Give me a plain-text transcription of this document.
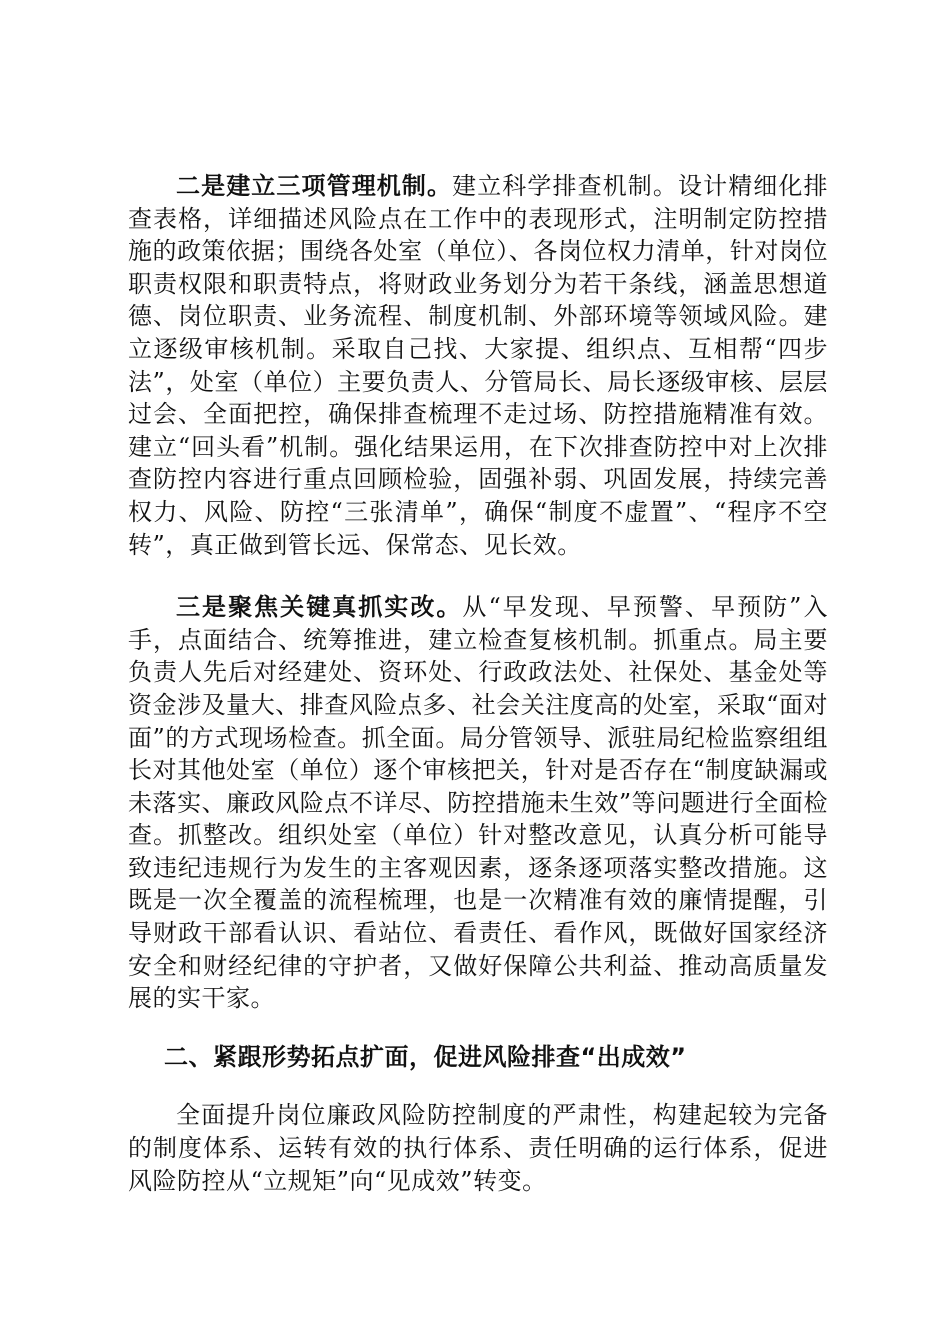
二是建立三项管理机制。建立科学排查机制。设计精细化排查表格，详细描述风险点在工作中的表现形式，注明制定防控措施的政策依据；围绕各处室（单位）、各岗位权力清单，针对岗位职责权限和职责特点，将财政业务划分为若干条线，涵盖思想道德、岗位职责、业务流程、制度机制、外部环境等领域风险。建立逐级审核机制。采取自己找、大家提、组织点、互相帮“四步法”，处室（单位）主要负责人、分管局长、局长逐级审核、层层过会、全面把控，确保排查梳理不走过场、防控措施精准有效。建立“回头看”机制。强化结果运用，在下次排查防控中对上次排查防控内容进行重点回顾检验，固强补弱、巩固发展，持续完善权力、风险、防控“三张清单”，确保“制度不虚置”、“程序不空转”，真正做到管长远、保常态、见长效。

三是聚焦关键真抓实改。从“早发现、早预警、早预防”入手，点面结合、统筹推进，建立检查复核机制。抓重点。局主要负责人先后对经建处、资环处、行政政法处、社保处、基金处等资金涉及量大、排查风险点多、社会关注度高的处室，采取“面对面”的方式现场检查。抓全面。局分管领导、派驻局纪检监察组组长对其他处室（单位）逐个审核把关，针对是否存在“制度缺漏或未落实、廉政风险点不详尽、防控措施未生效”等问题进行全面检查。抓整改。组织处室（单位）针对整改意见，认真分析可能导致违纪违规行为发生的主客观因素，逐条逐项落实整改措施。这既是一次全覆盖的流程梳理，也是一次精准有效的廉情提醒，引导财政干部看认识、看站位、看责任、看作风，既做好国家经济安全和财经纪律的守护者，又做好保障公共利益、推动高质量发展的实干家。

二、紧跟形势拓点扩面，促进风险排查“出成效”

全面提升岗位廉政风险防控制度的严肃性，构建起较为完备的制度体系、运转有效的执行体系、责任明确的运行体系，促进风险防控从“立规矩”向“见成效”转变。
